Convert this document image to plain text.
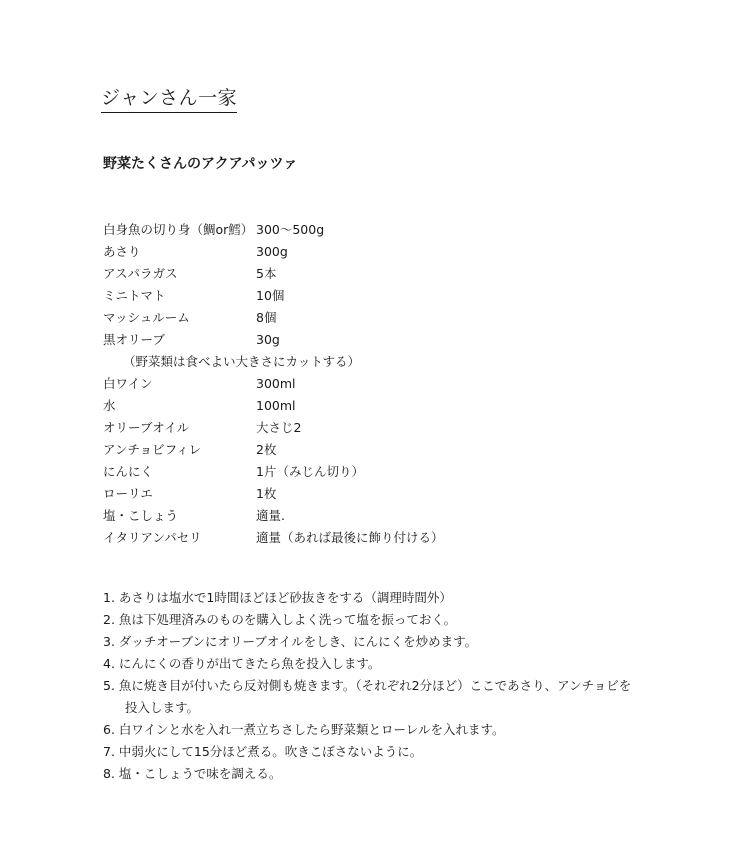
ジャンさん一家
野菜たくさんのアクアパッツァ
白身魚の切り身（鯛or鱈） 300～500g
あさり	300g
アスパラガス	5本
ミニトマト	10個
マッシュルーム	8個
黒オリーブ	30g
（野菜類は食べよい大きさにカットする）
白ワイン	300ml
水	100ml
オリーブオイル	大さじ2
アンチョビフィレ	2枚
にんにく	1片（みじん切り）
ローリエ	1枚
塩・こしょう	適量.
イタリアンパセリ	適量（あれば最後に飾り付ける）
1. あさりは塩水で1時間ほどほど砂抜きをする（調理時間外）
2. 魚は下処理済みのものを購入しよく洗って塩を振っておく。
3. ダッチオーブンにオリーブオイルをしき、にんにくを炒めます。
4. にんにくの香りが出てきたら魚を投入します。
5. 魚に焼き目が付いたら反対側も焼きます。（それぞれ2分ほど）ここであさり、アンチョビを
投入します。
6. 白ワインと水を入れ一煮立ちさしたら野菜類とローレルを入れます。
7. 中弱火にして15分ほど煮る。吹きこぼさないように。
8. 塩・こしょうで味を調える。
